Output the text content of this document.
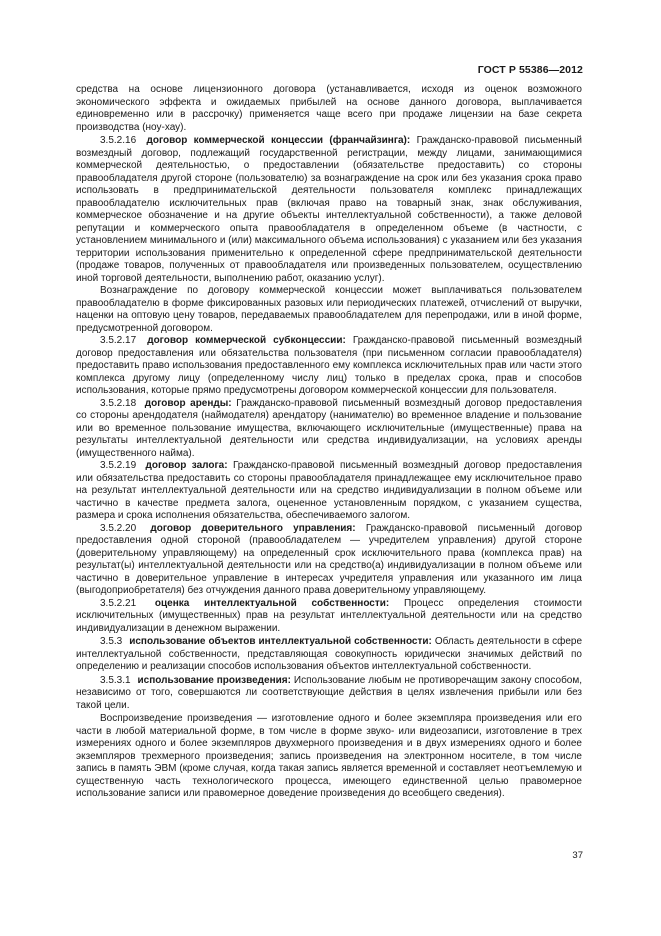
ГОСТ Р 55386—2012

средства на основе лицензионного договора (устанавливается, исходя из оценок возможного экономического эффекта и ожидаемых прибылей на основе данного договора, выплачивается единовременно или в рассрочку) применяется чаще всего при продаже лицензии на базе секрета производства (ноу-хау).

3.5.2.16 договор коммерческой концессии (франчайзинга): Гражданско-правовой письменный возмездный договор, подлежащий государственной регистрации, между лицами, занимающимися коммерческой деятельностью, о предоставлении (обязательстве предоставить) со стороны правообладателя другой стороне (пользователю) за вознаграждение на срок или без указания срока право использовать в предпринимательской деятельности пользователя комплекс принадлежащих правообладателю исключительных прав (включая право на товарный знак, знак обслуживания, коммерческое обозначение и на другие объекты интеллектуальной собственности), а также деловой репутации и коммерческого опыта правообладателя в определенном объеме (в частности, с установлением минимального и (или) максимального объема использования) с указанием или без указания территории использования применительно к определенной сфере предпринимательской деятельности (продаже товаров, полученных от правообладателя или произведенных пользователем, осуществлению иной торговой деятельности, выполнению работ, оказанию услуг).

Вознаграждение по договору коммерческой концессии может выплачиваться пользователем правообладателю в форме фиксированных разовых или периодических платежей, отчислений от выручки, наценки на оптовую цену товаров, передаваемых правообладателем для перепродажи, или в иной форме, предусмотренной договором.

3.5.2.17 договор коммерческой субконцессии: Гражданско-правовой письменный возмездный договор предоставления или обязательства пользователя (при письменном согласии правообладателя) предоставить право использования предоставленного ему комплекса исключительных прав или части этого комплекса другому лицу (определенному числу лиц) только в пределах срока, прав и способов использования, которые прямо предусмотрены договором коммерческой концессии для пользователя.

3.5.2.18 договор аренды: Гражданско-правовой письменный возмездный договор предоставления со стороны арендодателя (наймодателя) арендатору (нанимателю) во временное владение и пользование или во временное пользование имущества, включающего исключительные (имущественные) права на результаты интеллектуальной деятельности или средства индивидуализации, на условиях аренды (имущественного найма).

3.5.2.19 договор залога: Гражданско-правовой письменный возмездный договор предоставления или обязательства предоставить со стороны правообладателя принадлежащее ему исключительное право на результат интеллектуальной деятельности или на средство индивидуализации в полном объеме или частично в качестве предмета залога, оцененное установленным порядком, с указанием существа, размера и срока исполнения обязательства, обеспечиваемого залогом.

3.5.2.20 договор доверительного управления: Гражданско-правовой письменный договор предоставления одной стороной (правообладателем — учредителем управления) другой стороне (доверительному управляющему) на определенный срок исключительного права (комплекса прав) на результат(ы) интеллектуальной деятельности или на средство(а) индивидуализации в полном объеме или частично в доверительное управление в интересах учредителя управления или указанного им лица (выгодоприобретателя) без отчуждения данного права доверительному управляющему.

3.5.2.21 оценка интеллектуальной собственности: Процесс определения стоимости исключительных (имущественных) прав на результат интеллектуальной деятельности или на средство индивидуализации в денежном выражении.

3.5.3 использование объектов интеллектуальной собственности: Область деятельности в сфере интеллектуальной собственности, представляющая совокупность юридически значимых действий по определению и реализации способов использования объектов интеллектуальной собственности.

3.5.3.1 использование произведения: Использование любым не противоречащим закону способом, независимо от того, совершаются ли соответствующие действия в целях извлечения прибыли или без такой цели.

Воспроизведение произведения — изготовление одного и более экземпляра произведения или его части в любой материальной форме, в том числе в форме звуко- или видеозаписи, изготовление в трех измерениях одного и более экземпляров двухмерного произведения и в двух измерениях одного и более экземпляров трехмерного произведения; запись произведения на электронном носителе, в том числе запись в память ЭВМ (кроме случая, когда такая запись является временной и составляет неотъемлемую и существенную часть технологического процесса, имеющего единственной целью правомерное использование записи или правомерное доведение произведения до всеобщего сведения).

37
